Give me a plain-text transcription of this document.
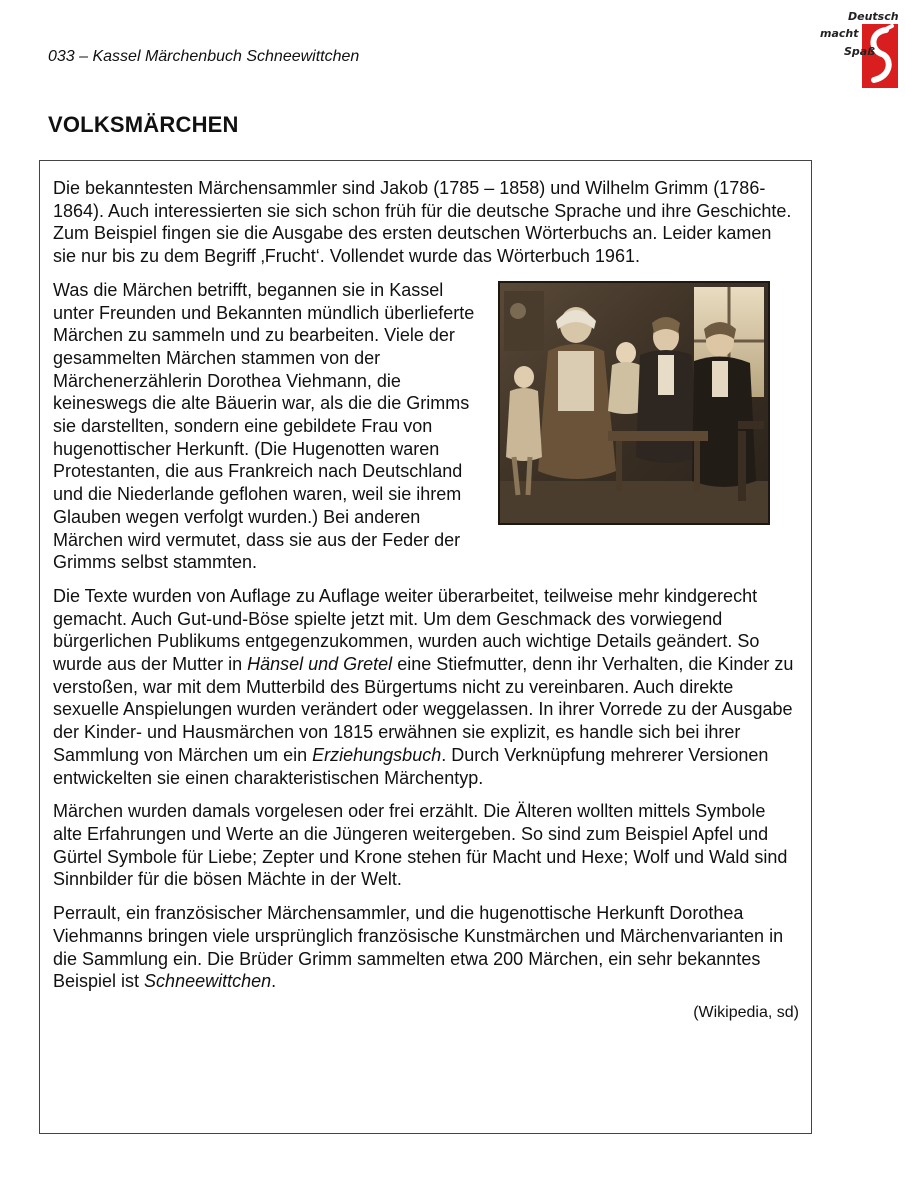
033 – Kassel Märchenbuch Schneewittchen
Deutsch
macht
Spaß
VOLKSMÄRCHEN

Die bekanntesten Märchensammler sind Jakob (1785 – 1858) und Wilhelm Grimm (1786-1864). Auch interessierten sie sich schon früh für die deutsche Sprache und ihre Geschichte. Zum Beispiel fingen sie die Ausgabe des ersten deutschen Wörterbuchs an. Leider kamen sie nur bis zu dem Begriff ‚Frucht‘. Vollendet wurde das Wörterbuch 1961.

Was die Märchen betrifft, begannen sie in Kassel unter Freunden und Bekannten mündlich überlieferte Märchen zu sammeln und zu bearbeiten. Viele der gesammelten Märchen stammen von der Märchenerzählerin Dorothea Viehmann, die keineswegs die alte Bäuerin war, als die die Grimms sie darstellten, sondern eine gebildete Frau von hugenottischer Herkunft. (Die Hugenotten waren Protestanten, die aus Frankreich nach Deutschland und die Niederlande geflohen waren, weil sie ihrem Glauben wegen verfolgt wurden.) Bei anderen Märchen wird vermutet, dass sie aus der Feder der Grimms selbst stammten.

Die Texte wurden von Auflage zu Auflage weiter überarbeitet, teilweise mehr kindgerecht gemacht. Auch Gut-und-Böse spielte jetzt mit. Um dem Geschmack des vorwiegend bürgerlichen Publikums entgegenzukommen, wurden auch wichtige Details geändert. So wurde aus der Mutter in Hänsel und Gretel eine Stiefmutter, denn ihr Verhalten, die Kinder zu verstoßen, war mit dem Mutterbild des Bürgertums nicht zu vereinbaren. Auch direkte sexuelle Anspielungen wurden verändert oder weggelassen. In ihrer Vorrede zu der Ausgabe der Kinder- und Hausmärchen von 1815 erwähnen sie explizit, es handle sich bei ihrer Sammlung von Märchen um ein Erziehungsbuch. Durch Verknüpfung mehrerer Versionen entwickelten sie einen charakteristischen Märchentyp.

Märchen wurden damals vorgelesen oder frei erzählt. Die Älteren wollten mittels Symbole alte Erfahrungen und Werte an die Jüngeren weitergeben. So sind zum Beispiel Apfel und Gürtel Symbole für Liebe; Zepter und Krone stehen für Macht und Hexe; Wolf und Wald sind Sinnbilder für die bösen Mächte in der Welt.

Perrault, ein französischer Märchensammler, und die hugenottische Herkunft Dorothea Viehmanns bringen viele ursprünglich französische Kunstmärchen und Märchenvarianten in die Sammlung ein. Die Brüder Grimm sammelten etwa 200 Märchen, ein sehr bekanntes Beispiel ist Schneewittchen.

(Wikipedia, sd)
